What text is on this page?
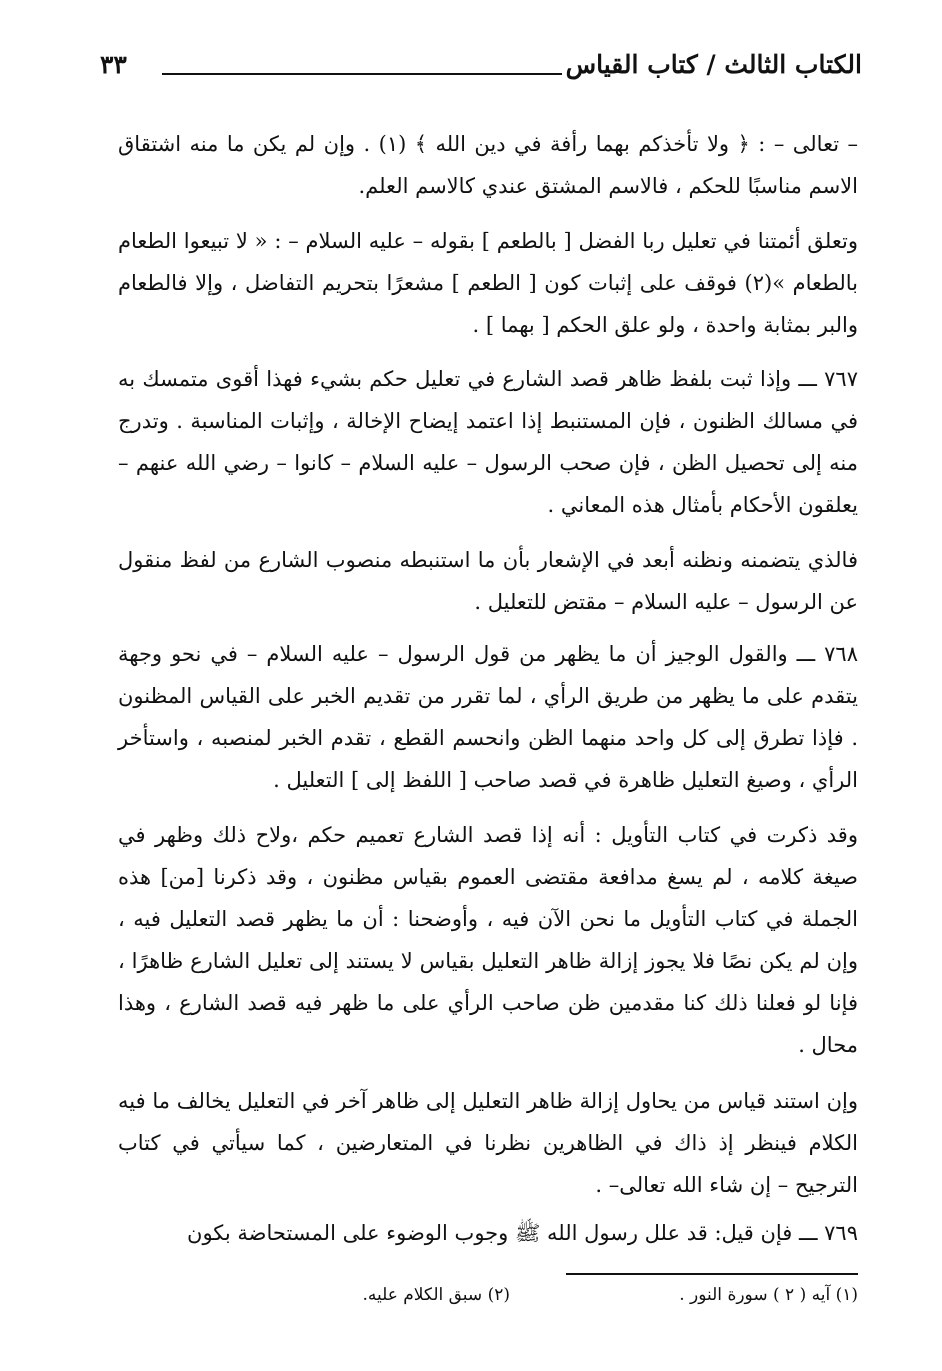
الكتاب الثالث / كتاب القياس
٣٣
– تعالى – : ﴿ ولا تأخذكم بهما رأفة في دين الله ﴾ (١) . وإن لم يكن ما منه اشتقاق الاسم مناسبًا للحكم ، فالاسم المشتق عندي كالاسم العلم.
وتعلق أئمتنا في تعليل ربا الفضل [ بالطعم ] بقوله – عليه السلام – : « لا تبيعوا الطعام بالطعام »(٢) فوقف على إثبات كون [ الطعم ] مشعرًا بتحريم التفاضل ، وإلا فالطعام والبر بمثابة واحدة ، ولو علق الحكم [ بهما ] .
٧٦٧ ـــ وإذا ثبت بلفظ ظاهر قصد الشارع في تعليل حكم بشيء فهذا أقوى متمسك به في مسالك الظنون ، فإن المستنبط إذا اعتمد إيضاح الإخالة ، وإثبات المناسبة . وتدرج منه إلى تحصيل الظن ، فإن صحب الرسول – عليه السلام – كانوا – رضي الله عنهم – يعلقون الأحكام بأمثال هذه المعاني .
فالذي يتضمنه ونظنه أبعد في الإشعار بأن ما استنبطه منصوب الشارع من لفظ منقول عن الرسول – عليه السلام – مقتض للتعليل .
٧٦٨ ـــ والقول الوجيز أن ما يظهر من قول الرسول – عليه السلام – في نحو وجهة يتقدم على ما يظهر من طريق الرأي ، لما تقرر من تقديم الخبر على القياس المظنون . فإذا تطرق إلى كل واحد منهما الظن وانحسم القطع ، تقدم الخبر لمنصبه ، واستأخر الرأي ، وصيغ التعليل ظاهرة في قصد صاحب [ اللفظ إلى ] التعليل .
وقد ذكرت في كتاب التأويل : أنه إذا قصد الشارع تعميم حكم ،ولاح ذلك وظهر في صيغة كلامه ، لم يسغ مدافعة مقتضى العموم بقياس مظنون ، وقد ذكرنا [من] هذه الجملة في كتاب التأويل ما نحن الآن فيه ، وأوضحنا : أن ما يظهر قصد التعليل فيه ، وإن لم يكن نصًا فلا يجوز إزالة ظاهر التعليل بقياس لا يستند إلى تعليل الشارع ظاهرًا ، فإنا لو فعلنا ذلك كنا مقدمين ظن صاحب الرأي على ما ظهر فيه قصد الشارع ، وهذا محال .
وإن استند قياس من يحاول إزالة ظاهر التعليل إلى ظاهر آخر في التعليل يخالف ما فيه الكلام فينظر إذ ذاك في الظاهرين نظرنا في المتعارضين ، كما سيأتي في كتاب الترجيح – إن شاء الله تعالى– .
٧٦٩ ـــ فإن قيل: قد علل رسول الله ﷺ وجوب الوضوء على المستحاضة بكون
(١) آيه ( ٢ ) سورة النور .
(٢) سبق الكلام عليه.
